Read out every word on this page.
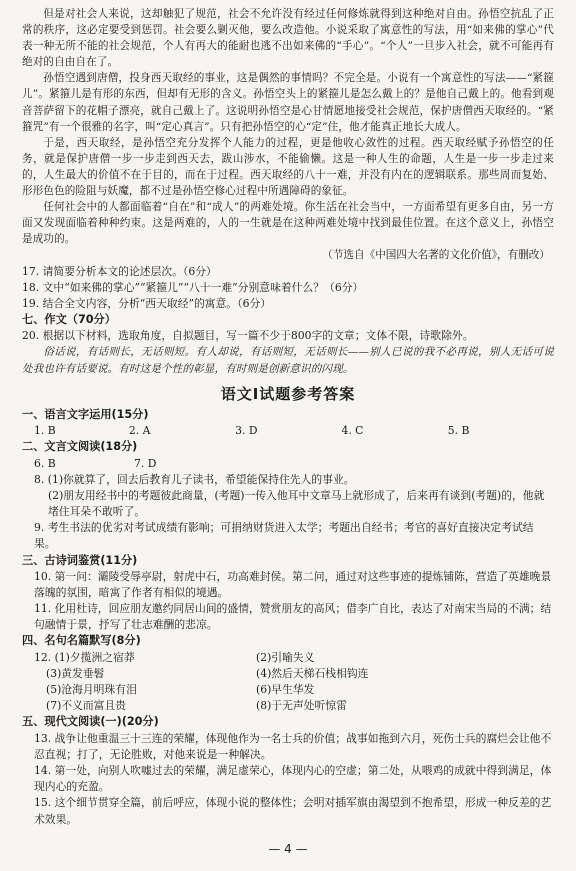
但是对社会人来说，这却触犯了规范，社会不允许没有经过任何修炼就得到这种绝对自由。孙悟空抗乱了正常的秩序，这必定要受到惩罚。社会要么剿灭他，要么改造他。小说采取了寓意性的写法，用“如来佛的掌心”代表一种无所不能的社会规范，个人有再大的能耐也逃不出如来佛的“手心”。“个人”一旦步入社会，就不可能再有绝对的自由自在了。

孙悟空遇到唐僧，投身西天取经的事业，这是偶然的事情吗？不完全是。小说有一个寓意性的写法——“紧箍儿”。紧箍儿是有形的东西，但却有无形的含义。孙悟空头上的紧箍儿是怎么戴上的？是他自己戴上的。他看到观音菩萨留下的花帽子漂亮，就自己戴上了。这说明孙悟空是心甘情愿地接受社会规范，保护唐僧西天取经的。“紧箍咒”有一个很雅的名字，叫“定心真言”。只有把孙悟空的心“定”住，他才能真正地长大成人。

于是，西天取经，是孙悟空充分发挥个人能力的过程，更是他收心敛性的过程。西天取经赋予孙悟空的任务，就是保护唐僧一步一步走到西天去，跋山涉水，不能偷懒。这是一种人生的命题，人生是一步一步走过来的，人生最大的价值不在于目的，而在于过程。西天取经的八十一难，并没有内在的逻辑联系。那些周而复始、形形色色的险阻与妖魔，都不过是孙悟空修心过程中所遇障碍的象征。

任何社会中的人都面临着“自在”和“成人”的两难处境。你生活在社会当中，一方面希望有更多自由，另一方面又发现面临着种种约束。这是两难的，人的一生就是在这种两难处境中找到最佳位置。在这个意义上，孙悟空是成功的。

（节选自《中国四大名著的文化价值》，有删改）

17. 请简要分析本文的论述层次。（6分）

18. 文中“如来佛的掌心”“紧箍儿”“八十一难”分别意味着什么？（6分）

19. 结合全文内容，分析“西天取经”的寓意。（6分）

七、作文（70分）

20. 根据以下材料，选取角度，自拟题目，写一篇不少于800字的文章；文体不限，诗歌除外。

俗话说，有话则长，无话则短。有人却说，有话则短，无话则长——别人已说的我不必再说，别人无话可说处我也许有话要说。有时这是个性的彰显，有时则是创新意识的闪现。

语文Ⅰ试题参考答案

一、语言文字运用(15分)

1. B	2. A	3. D	4. C	5. B

二、文言文阅读(18分)

6. B	7. D

8. (1)你就算了，回去后教育儿子读书，希望能保持住先人的事业。

(2)朋友用经书中的考题彼此商量，(考题)一传入他耳中文章马上就形成了，后来再有谈到(考题)的，他就堵住耳朵不敢听了。

9. 考生书法的优劣对考试成绩有影响；可捐纳财货进入太学；考题出自经书；考官的喜好直接决定考试结果。

三、古诗词鉴赏(11分)

10. 第一问：灞陵受辱亭尉，射虎中石，功高难封侯。第二问，通过对这些事迹的提炼铺陈，营造了英雄晚景落魄的氛围，暗寓了作者有相似的境遇。

11. 化用杜诗，回应朋友邀约同居山间的盛情，赞赏朋友的高风；借李广自比，表达了对南宋当局的不满；结句融情于景，抒写了壮志难酬的悲凉。

四、名句名篇默写(8分)

12. (1)夕揽洲之宿莽	(2)引喻失义
(3)黄发垂髫	(4)然后天梯石栈相钩连
(5)沧海月明珠有泪	(6)早生华发
(7)不义而富且贵	(8)于无声处听惊雷

五、现代文阅读(一)(20分)

13. 战争让他重温三十三连的荣耀，体现他作为一名士兵的价值；战事如拖到六月，死伤士兵的腐烂会让他不忍直视；打了，无论胜败，对他来说是一种解决。

14. 第一处，向别人吹嘘过去的荣耀，满足虚荣心，体现内心的空虚；第二处，从喂鸡的成就中得到满足，体现内心的充盈。

15. 这个细节贯穿全篇，前后呼应，体现小说的整体性；会明对插军旗由渴望到不抱希望，形成一种反差的艺术效果。

— 4 —
